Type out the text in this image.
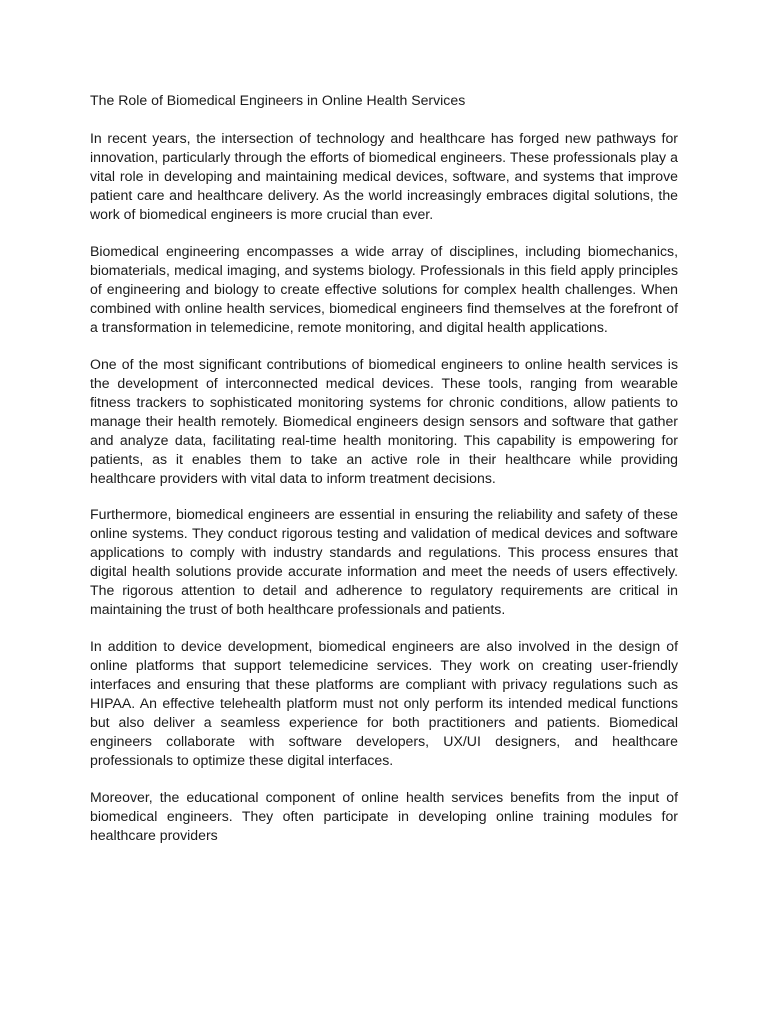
The Role of Biomedical Engineers in Online Health Services

In recent years, the intersection of technology and healthcare has forged new pathways for innovation, particularly through the efforts of biomedical engineers. These professionals play a vital role in developing and maintaining medical devices, software, and systems that improve patient care and healthcare delivery. As the world increasingly embraces digital solutions, the work of biomedical engineers is more crucial than ever.

Biomedical engineering encompasses a wide array of disciplines, including biomechanics, biomaterials, medical imaging, and systems biology. Professionals in this field apply principles of engineering and biology to create effective solutions for complex health challenges. When combined with online health services, biomedical engineers find themselves at the forefront of a transformation in telemedicine, remote monitoring, and digital health applications.

One of the most significant contributions of biomedical engineers to online health services is the development of interconnected medical devices. These tools, ranging from wearable fitness trackers to sophisticated monitoring systems for chronic conditions, allow patients to manage their health remotely. Biomedical engineers design sensors and software that gather and analyze data, facilitating real-time health monitoring. This capability is empowering for patients, as it enables them to take an active role in their healthcare while providing healthcare providers with vital data to inform treatment decisions.

Furthermore, biomedical engineers are essential in ensuring the reliability and safety of these online systems. They conduct rigorous testing and validation of medical devices and software applications to comply with industry standards and regulations. This process ensures that digital health solutions provide accurate information and meet the needs of users effectively. The rigorous attention to detail and adherence to regulatory requirements are critical in maintaining the trust of both healthcare professionals and patients.

In addition to device development, biomedical engineers are also involved in the design of online platforms that support telemedicine services. They work on creating user-friendly interfaces and ensuring that these platforms are compliant with privacy regulations such as HIPAA. An effective telehealth platform must not only perform its intended medical functions but also deliver a seamless experience for both practitioners and patients. Biomedical engineers collaborate with software developers, UX/UI designers, and healthcare professionals to optimize these digital interfaces.

Moreover, the educational component of online health services benefits from the input of biomedical engineers. They often participate in developing online training modules for healthcare providers
